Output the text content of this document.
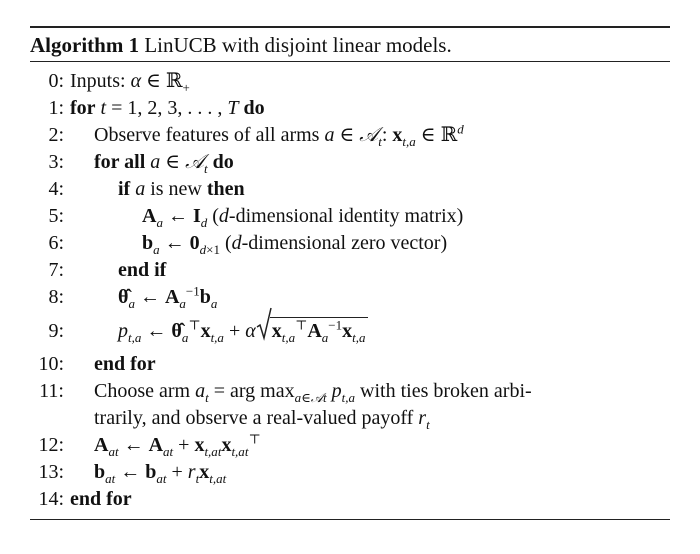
Algorithm 1 LinUCB with disjoint linear models.
0: Inputs: α ∈ ℝ$_+$
1: for t = 1, 2, 3, . . . , T do
2: Observe features of all arms a ∈ 𝒜$_t$: $x_{t,a}$ ∈ ℝ$^d$
3: for all a ∈ 𝒜$_t$ do
4:	if a is new then
5:	$A_a$ ← $I_d$ (d-dimensional identity matrix)
6:	$b_a$ ← $0_{d\times 1}$ (d-dimensional zero vector)
7:	end if
8:	$\thetâ_a$ ← $A_a^{-1}b_a$
9:	$p_{t,a}$ ← $\thetâ_a^⊤x_{t,a} + \alpha$ $x_{t,a}^⊤A_a^{-1}x_{t,a}$
10: end for
11: Choose arm $a_t$ = arg $\max_{a\in 𝒜t} p_{t,a}$ with ties broken arbi-
trarily, and observe a real-valued payoff $r_t$
12: $A_{at}$ ← $A_{at} + x_{t,at}x_{t,at}^⊤$
13: $b_{at}$ ← $b_{at} + r_tx_{t,at}$
14: end for
